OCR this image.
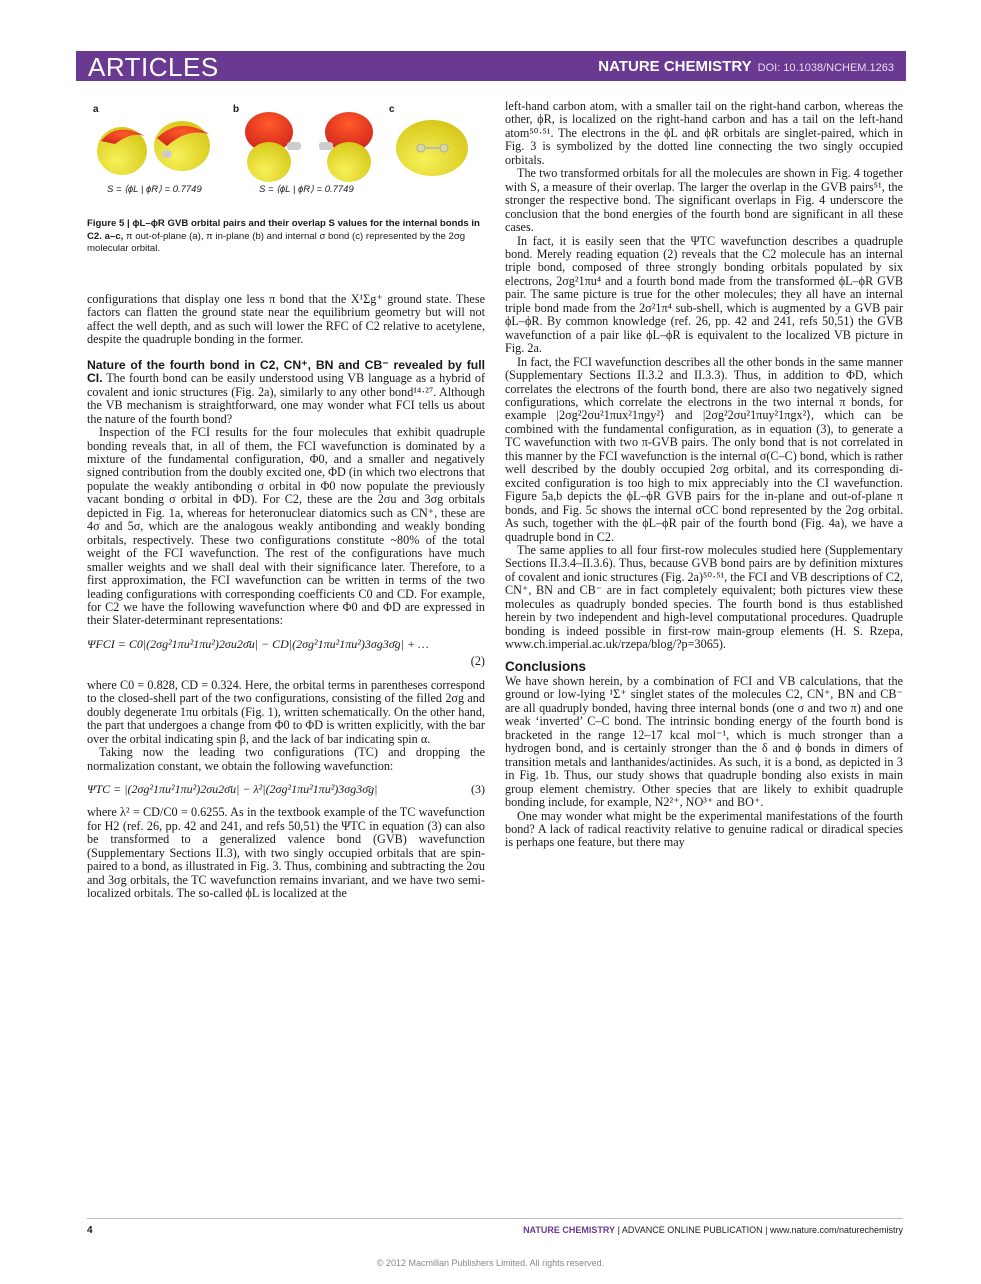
ARTICLES	NATURE CHEMISTRY DOI: 10.1038/NCHEM.1263
a	b	c
S = ⟨ϕL | ϕR⟩ = 0.7749	S = ⟨ϕL | ϕR⟩ = 0.7749
Figure 5 | ϕL–ϕR GVB orbital pairs and their overlap S values for the internal bonds in C2. a–c, π out-of-plane (a), π in-plane (b) and internal σ bond (c) represented by the 2σg molecular orbital.

configurations that display one less π bond that the X¹Σg⁺ ground state. These factors can flatten the ground state near the equilibrium geometry but will not affect the well depth, and as such will lower the RFC of C2 relative to acetylene, despite the quadruple bonding in the former.

Nature of the fourth bond in C2, CN⁺, BN and CB⁻ revealed by full CI. The fourth bond can be easily understood using VB language as a hybrid of covalent and ionic structures (Fig. 2a), similarly to any other bond¹⁴·²⁷. Although the VB mechanism is straightforward, one may wonder what FCI tells us about the nature of the fourth bond?

Inspection of the FCI results for the four molecules that exhibit quadruple bonding reveals that, in all of them, the FCI wavefunction is dominated by a mixture of the fundamental configuration, Φ0, and a smaller and negatively signed contribution from the doubly excited one, ΦD (in which two electrons that populate the weakly antibonding σ orbital in Φ0 now populate the previously vacant bonding σ orbital in ΦD). For C2, these are the 2σu and 3σg orbitals depicted in Fig. 1a, whereas for heteronuclear diatomics such as CN⁺, these are 4σ and 5σ, which are the analogous weakly antibonding and weakly bonding orbitals, respectively. These two configurations constitute ~80% of the total weight of the FCI wavefunction. The rest of the configurations have much smaller weights and we shall deal with their significance later. Therefore, to a first approximation, the FCI wavefunction can be written in terms of the two leading configurations with corresponding coefficients C0 and CD. For example, for C2 we have the following wavefunction where Φ0 and ΦD are expressed in their Slater-determinant representations:

ΨFCI = C0|(2σg²1πu²1πu²)2σu2σ̄u| − CD|(2σg²1πu²1πu²)3σg3σ̄g| + …
(2)

where C0 = 0.828, CD = 0.324. Here, the orbital terms in parentheses correspond to the closed-shell part of the two configurations, consisting of the filled 2σg and doubly degenerate 1πu orbitals (Fig. 1), written schematically. On the other hand, the part that undergoes a change from Φ0 to ΦD is written explicitly, with the bar over the orbital indicating spin β, and the lack of bar indicating spin α.

Taking now the leading two configurations (TC) and dropping the normalization constant, we obtain the following wavefunction:

ΨTC = |(2σg²1πu²1πu²)2σu2σ̄u| − λ²|(2σg²1πu²1πu²)3σg3σ̄g|	(3)

where λ² = CD/C0 = 0.6255. As in the textbook example of the TC wavefunction for H2 (ref. 26, pp. 42 and 241, and refs 50,51) the ΨTC in equation (3) can also be transformed to a generalized valence bond (GVB) wavefunction (Supplementary Sections II.3), with two singly occupied orbitals that are spin-paired to a bond, as illustrated in Fig. 3. Thus, combining and subtracting the 2σu and 3σg orbitals, the TC wavefunction remains invariant, and we have two semi-localized orbitals. The so-called ϕL is localized at the

left-hand carbon atom, with a smaller tail on the right-hand carbon, whereas the other, ϕR, is localized on the right-hand carbon and has a tail on the left-hand atom⁵⁰·⁵¹. The electrons in the ϕL and ϕR orbitals are singlet-paired, which in Fig. 3 is symbolized by the dotted line connecting the two singly occupied orbitals.

The two transformed orbitals for all the molecules are shown in Fig. 4 together with S, a measure of their overlap. The larger the overlap in the GVB pairs⁵¹, the stronger the respective bond. The significant overlaps in Fig. 4 underscore the conclusion that the bond energies of the fourth bond are significant in all these cases.

In fact, it is easily seen that the ΨTC wavefunction describes a quadruple bond. Merely reading equation (2) reveals that the C2 molecule has an internal triple bond, composed of three strongly bonding orbitals populated by six electrons, 2σg²1πu⁴ and a fourth bond made from the transformed ϕL–ϕR GVB pair. The same picture is true for the other molecules; they all have an internal triple bond made from the 2σ²1π⁴ sub-shell, which is augmented by a GVB pair ϕL–ϕR. By common knowledge (ref. 26, pp. 42 and 241, refs 50,51) the GVB wavefunction of a pair like ϕL–ϕR is equivalent to the localized VB picture in Fig. 2a.

In fact, the FCI wavefunction describes all the other bonds in the same manner (Supplementary Sections II.3.2 and II.3.3). Thus, in addition to ΦD, which correlates the electrons of the fourth bond, there are also two negatively signed configurations, which correlate the electrons in the two internal π bonds, for example |2σg²2σu²1πux²1πgy²⟩ and |2σg²2σu²1πuy²1πgx²⟩, which can be combined with the fundamental configuration, as in equation (3), to generate a TC wavefunction with two π-GVB pairs. The only bond that is not correlated in this manner by the FCI wavefunction is the internal σ(C–C) bond, which is rather well described by the doubly occupied 2σg orbital, and its corresponding di-excited configuration is too high to mix appreciably into the CI wavefunction. Figure 5a,b depicts the ϕL–ϕR GVB pairs for the in-plane and out-of-plane π bonds, and Fig. 5c shows the internal σCC bond represented by the 2σg orbital. As such, together with the ϕL–ϕR pair of the fourth bond (Fig. 4a), we have a quadruple bond in C2.

The same applies to all four first-row molecules studied here (Supplementary Sections II.3.4–II.3.6). Thus, because GVB bond pairs are by definition mixtures of covalent and ionic structures (Fig. 2a)⁵⁰·⁵¹, the FCI and VB descriptions of C2, CN⁺, BN and CB⁻ are in fact completely equivalent; both pictures view these molecules as quadruply bonded species. The fourth bond is thus established herein by two independent and high-level computational procedures. Quadruple bonding is indeed possible in first-row main-group elements (H. S. Rzepa, www.ch.imperial.ac.uk/rzepa/blog/?p=3065).

Conclusions

We have shown herein, by a combination of FCI and VB calculations, that the ground or low-lying ¹Σ⁺ singlet states of the molecules C2, CN⁺, BN and CB⁻ are all quadruply bonded, having three internal bonds (one σ and two π) and one weak ‘inverted’ C–C bond. The intrinsic bonding energy of the fourth bond is bracketed in the range 12–17 kcal mol⁻¹, which is much stronger than a hydrogen bond, and is certainly stronger than the δ and ϕ bonds in dimers of transition metals and lanthanides/actinides. As such, it is a bond, as depicted in 3 in Fig. 1b. Thus, our study shows that quadruple bonding also exists in main group element chemistry. Other species that are likely to exhibit quadruple bonding include, for example, N2²⁺, NO³⁺ and BO⁺.

One may wonder what might be the experimental manifestations of the fourth bond? A lack of radical reactivity relative to genuine radical or diradical species is perhaps one feature, but there may

4	NATURE CHEMISTRY | ADVANCE ONLINE PUBLICATION | www.nature.com/naturechemistry
© 2012 Macmillan Publishers Limited. All rights reserved.
